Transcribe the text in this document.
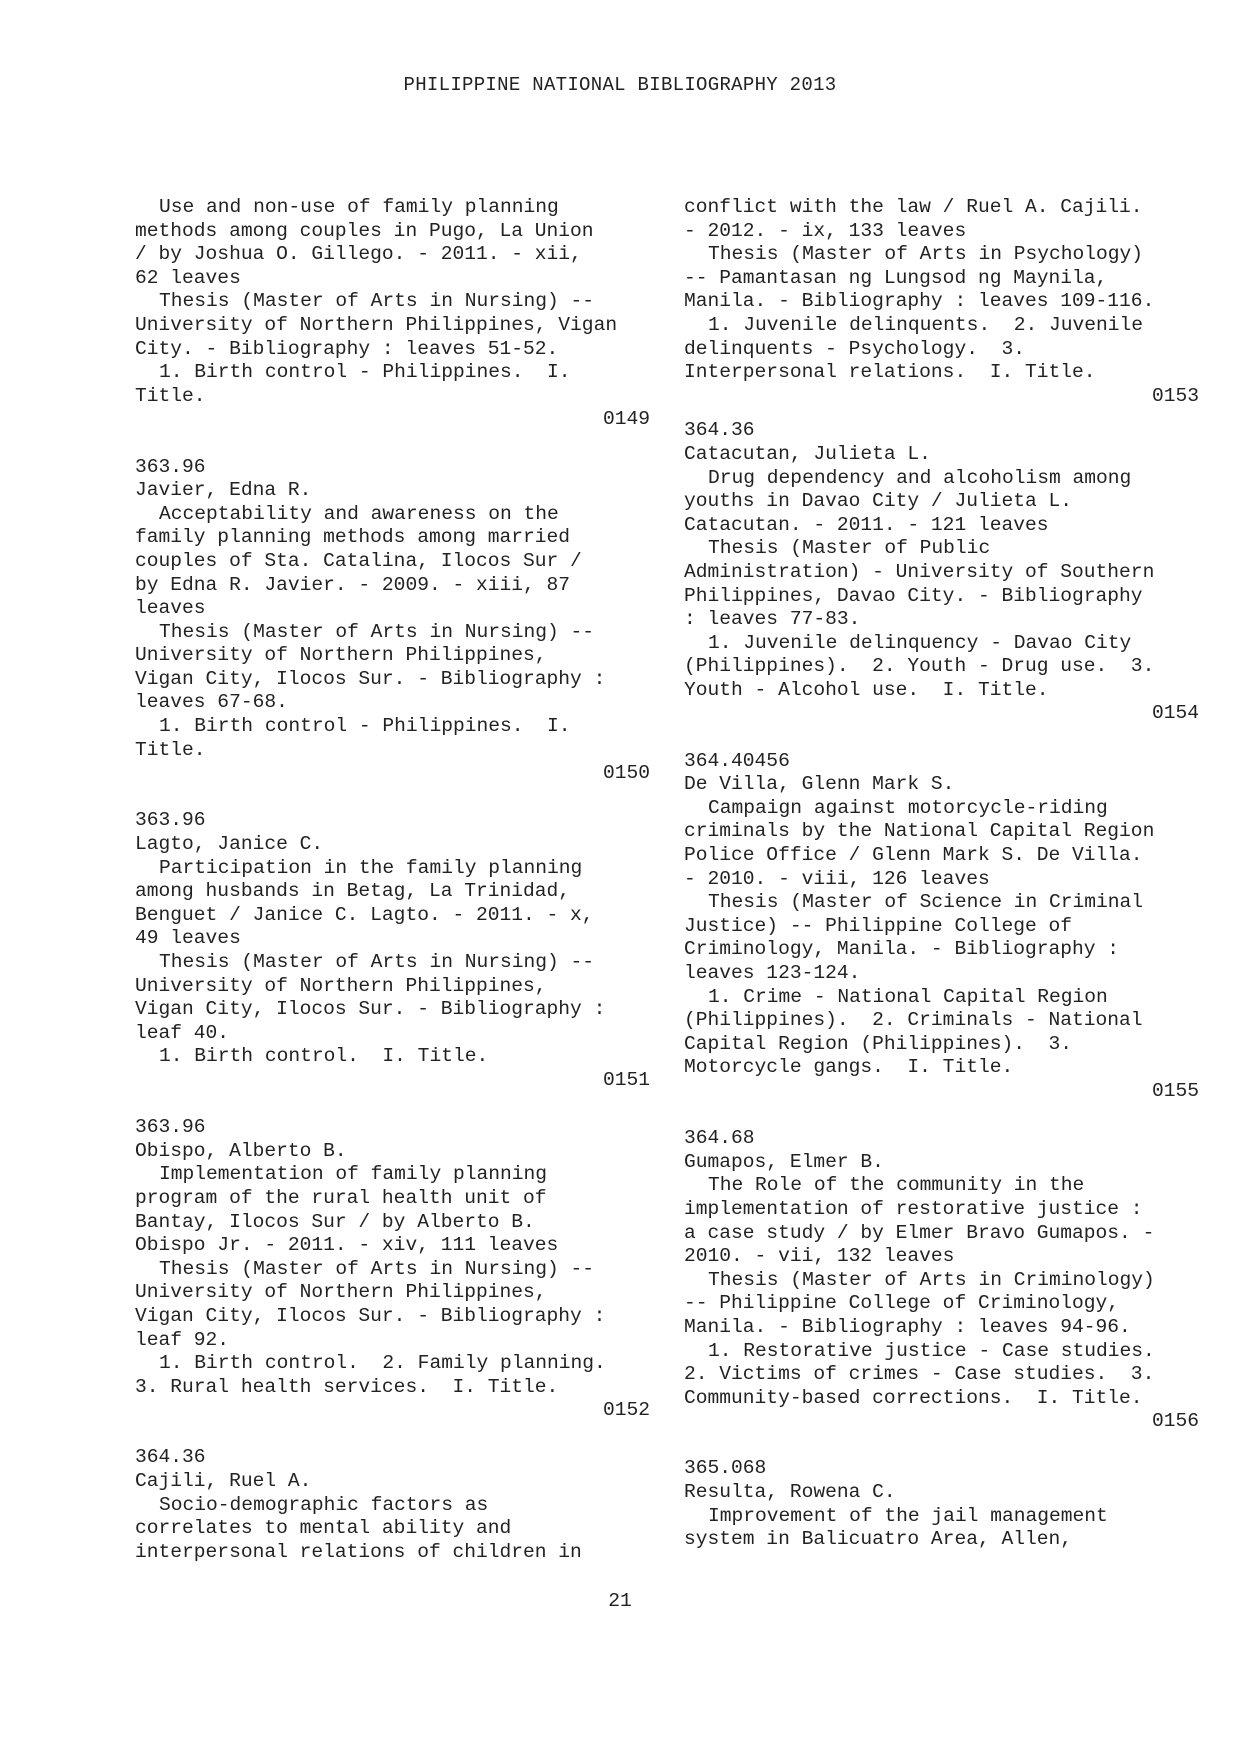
PHILIPPINE NATIONAL BIBLIOGRAPHY 2013
Use and non-use of family planning
methods among couples in Pugo, La Union
/ by Joshua O. Gillego. - 2011. - xii,
62 leaves
Thesis (Master of Arts in Nursing) --
University of Northern Philippines, Vigan
City. - Bibliography : leaves 51-52.
1. Birth control - Philippines.  I.
Title.
0149
363.96
Javier, Edna R.
Acceptability and awareness on the
family planning methods among married
couples of Sta. Catalina, Ilocos Sur /
by Edna R. Javier. - 2009. - xiii, 87
leaves
Thesis (Master of Arts in Nursing) --
University of Northern Philippines,
Vigan City, Ilocos Sur. - Bibliography :
leaves 67-68.
1. Birth control - Philippines.  I.
Title.
0150
363.96
Lagto, Janice C.
Participation in the family planning
among husbands in Betag, La Trinidad,
Benguet / Janice C. Lagto. - 2011. - x,
49 leaves
Thesis (Master of Arts in Nursing) --
University of Northern Philippines,
Vigan City, Ilocos Sur. - Bibliography :
leaf 40.
1. Birth control.  I. Title.
0151
363.96
Obispo, Alberto B.
Implementation of family planning
program of the rural health unit of
Bantay, Ilocos Sur / by Alberto B.
Obispo Jr. - 2011. - xiv, 111 leaves
Thesis (Master of Arts in Nursing) --
University of Northern Philippines,
Vigan City, Ilocos Sur. - Bibliography :
leaf 92.
1. Birth control.  2. Family planning.
3. Rural health services.  I. Title.
0152
364.36
Cajili, Ruel A.
Socio-demographic factors as
correlates to mental ability and
interpersonal relations of children in
conflict with the law / Ruel A. Cajili.
- 2012. - ix, 133 leaves
Thesis (Master of Arts in Psychology)
-- Pamantasan ng Lungsod ng Maynila,
Manila. - Bibliography : leaves 109-116.
1. Juvenile delinquents.  2. Juvenile
delinquents - Psychology.  3.
Interpersonal relations.  I. Title.
0153
364.36
Catacutan, Julieta L.
Drug dependency and alcoholism among
youths in Davao City / Julieta L.
Catacutan. - 2011. - 121 leaves
Thesis (Master of Public
Administration) - University of Southern
Philippines, Davao City. - Bibliography
: leaves 77-83.
1. Juvenile delinquency - Davao City
(Philippines).  2. Youth - Drug use.  3.
Youth - Alcohol use.  I. Title.
0154
364.40456
De Villa, Glenn Mark S.
Campaign against motorcycle-riding
criminals by the National Capital Region
Police Office / Glenn Mark S. De Villa.
- 2010. - viii, 126 leaves
Thesis (Master of Science in Criminal
Justice) -- Philippine College of
Criminology, Manila. - Bibliography :
leaves 123-124.
1. Crime - National Capital Region
(Philippines).  2. Criminals - National
Capital Region (Philippines).  3.
Motorcycle gangs.  I. Title.
0155
364.68
Gumapos, Elmer B.
The Role of the community in the
implementation of restorative justice :
a case study / by Elmer Bravo Gumapos. -
2010. - vii, 132 leaves
Thesis (Master of Arts in Criminology)
-- Philippine College of Criminology,
Manila. - Bibliography : leaves 94-96.
1. Restorative justice - Case studies.
2. Victims of crimes - Case studies.  3.
Community-based corrections.  I. Title.
0156
365.068
Resulta, Rowena C.
Improvement of the jail management
system in Balicuatro Area, Allen,
21
